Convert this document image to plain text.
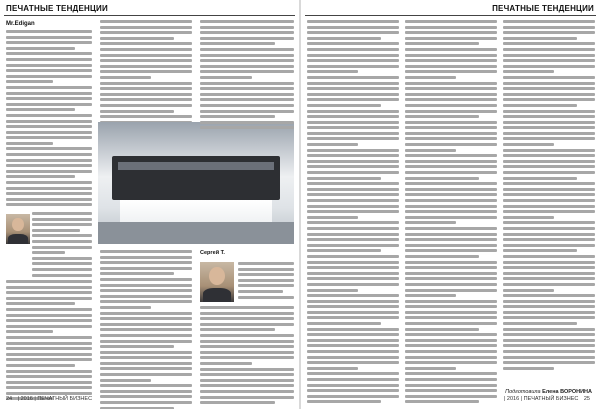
ПЕЧАТНЫЕ ТЕНДЕНЦИИ
Mr.Edigan
Сергей Т.
24 | 2016 | ПЕЧАТНЫЙ БИЗНЕС
ПЕЧАТНЫЕ ТЕНДЕНЦИИ
Подготовила Елена ВОРОНИНА
| 2016 | ПЕЧАТНЫЙ БИЗНЕС 25
